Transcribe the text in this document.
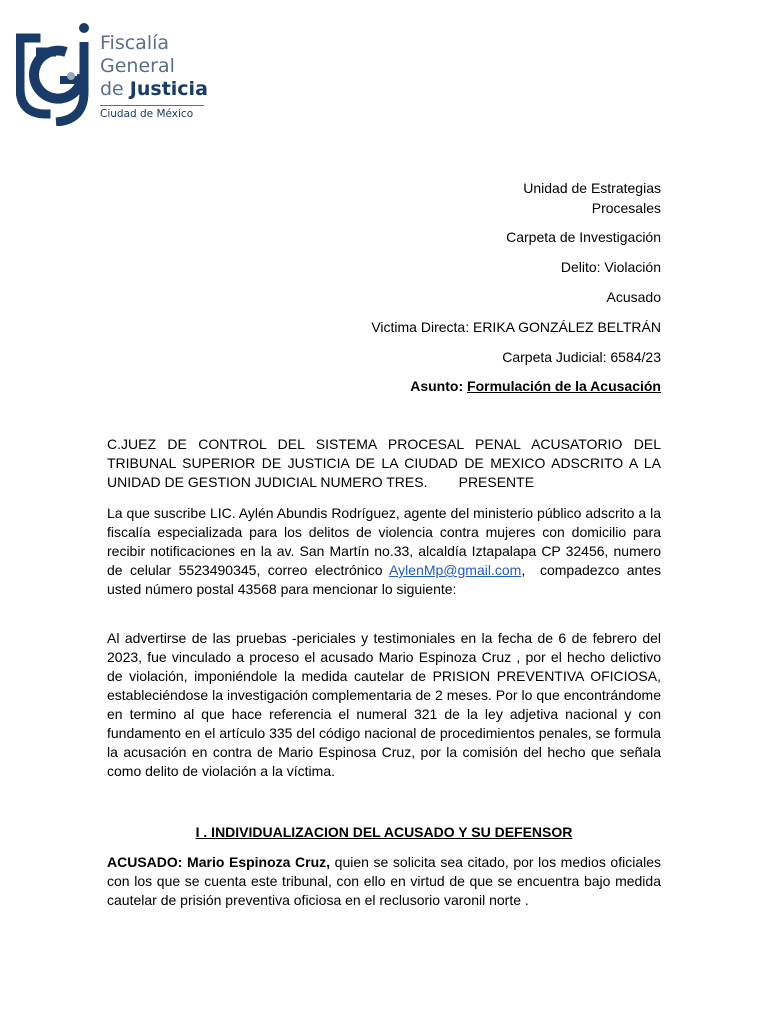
Fiscalía
General
de Justicia
Ciudad de México

Unidad de Estrategias

Procesales

Carpeta de Investigación

Delito: Violación

Acusado

Victima Directa: ERIKA GONZÁLEZ BELTRÁN

Carpeta Judicial: 6584/23

Asunto: Formulación de la Acusación

C.JUEZ DE CONTROL DEL SISTEMA PROCESAL PENAL ACUSATORIO DEL TRIBUNAL SUPERIOR DE JUSTICIA DE LA CIUDAD DE MEXICO ADSCRITO A LA UNIDAD DE GESTION JUDICIAL NUMERO TRES.        PRESENTE

La que suscribe LIC. Aylén Abundis Rodríguez, agente del ministerio público adscrito a la fiscalía especializada para los delitos de violencia contra mujeres con domicilio para recibir notificaciones en la av. San Martín no.33, alcaldía Iztapalapa CP 32456, numero de celular 5523490345, correo electrónico AylenMp@gmail.com,  compadezco antes usted número postal 43568 para mencionar lo siguiente:

Al advertirse de las pruebas -periciales y testimoniales en la fecha de 6 de febrero del 2023, fue vinculado a proceso el acusado Mario Espinoza Cruz , por el hecho delictivo de violación, imponiéndole la medida cautelar de PRISION PREVENTIVA OFICIOSA, estableciéndose la investigación complementaria de 2 meses. Por lo que encontrándome en termino al que hace referencia el numeral 321 de la ley adjetiva nacional y con fundamento en el artículo 335 del código nacional de procedimientos penales, se formula la acusación en contra de Mario Espinosa Cruz, por la comisión del hecho que señala como delito de violación a la víctima.

I . INDIVIDUALIZACION DEL ACUSADO Y SU DEFENSOR

ACUSADO: Mario Espinoza Cruz, quien se solicita sea citado, por los medios oficiales con los que se cuenta este tribunal, con ello en virtud de que se encuentra bajo medida cautelar de prisión preventiva oficiosa en el reclusorio varonil norte .
